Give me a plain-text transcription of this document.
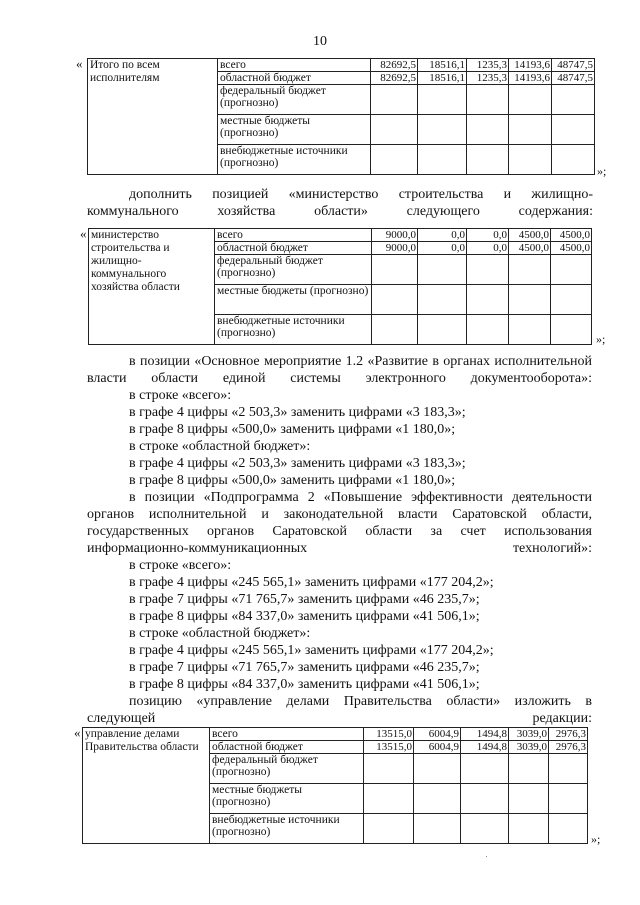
10
« Итого по всем исполнителям	всего	82692,5	18516,1	1235,3	14193,6	48747,5
	областной бюджет	82692,5	18516,1	1235,3	14193,6	48747,5
	федеральный бюджет (прогнозно)					
	местные бюджеты (прогнозно)					
	внебюджетные источники (прогнозно)					
»;

дополнить позицией «министерство строительства и жилищно-коммунального хозяйства области» следующего содержания:

« министерство строительства и жилищно-коммунального хозяйства области	всего	9000,0	0,0	0,0	4500,0	4500,0
	областной бюджет	9000,0	0,0	0,0	4500,0	4500,0
	федеральный бюджет (прогнозно)					
	местные бюджеты (прогнозно)					
	внебюджетные источники (прогнозно)						»;

в позиции «Основное мероприятие 1.2 «Развитие в органах исполнительной власти области единой системы электронного документооборота»:

в строке «всего»:
в графе 4 цифры «2 503,3» заменить цифрами «3 183,3»;
в графе 8 цифры «500,0» заменить цифрами «1 180,0»;
в строке «областной бюджет»:
в графе 4 цифры «2 503,3» заменить цифрами «3 183,3»;
в графе 8 цифры «500,0» заменить цифрами «1 180,0»;

в позиции «Подпрограмма 2 «Повышение эффективности деятельности органов исполнительной и законодательной власти Саратовской области, государственных органов Саратовской области за счет использования информационно-коммуникационных технологий»:

в строке «всего»:
в графе 4 цифры «245 565,1» заменить цифрами «177 204,2»;
в графе 7 цифры «71 765,7» заменить цифрами «46 235,7»;
в графе 8 цифры «84 337,0» заменить цифрами «41 506,1»;
в строке «областной бюджет»:
в графе 4 цифры «245 565,1» заменить цифрами «177 204,2»;
в графе 7 цифры «71 765,7» заменить цифрами «46 235,7»;
в графе 8 цифры «84 337,0» заменить цифрами «41 506,1»;

позицию «управление делами Правительства области» изложить в следующей редакции:

« управление делами Правительства области	всего	13515,0	6004,9	1494,8	3039,0	2976,3
	областной бюджет	13515,0	6004,9	1494,8	3039,0	2976,3
	федеральный бюджет (прогнозно)					
	местные бюджеты (прогнозно)					
	внебюджетные источники (прогнозно)						»;
